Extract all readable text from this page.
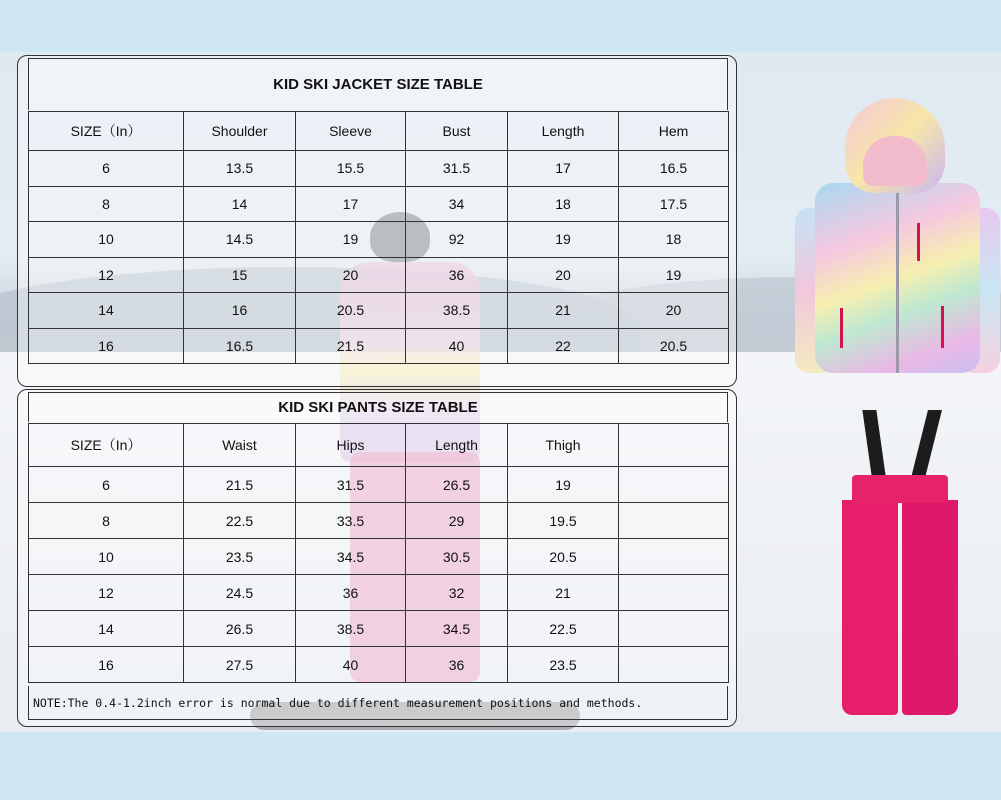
KID SKI JACKET SIZE TABLE
SIZE（In）	Shoulder	Sleeve	Bust	Length	Hem
6	13.5	15.5	31.5	17	16.5
8	14	17	34	18	17.5
10	14.5	19	92	19	18
12	15	20	36	20	19
14	16	20.5	38.5	21	20
16	16.5	21.5	40	22	20.5
KID SKI PANTS SIZE TABLE
SIZE（In）	Waist	Hips	Length	Thigh	
6	21.5	31.5	26.5	19	
8	22.5	33.5	29	19.5	
10	23.5	34.5	30.5	20.5	
12	24.5	36	32	21	
14	26.5	38.5	34.5	22.5	
16	27.5	40	36	23.5	
NOTE:The 0.4-1.2inch error is normal due to different measurement positions and methods.
